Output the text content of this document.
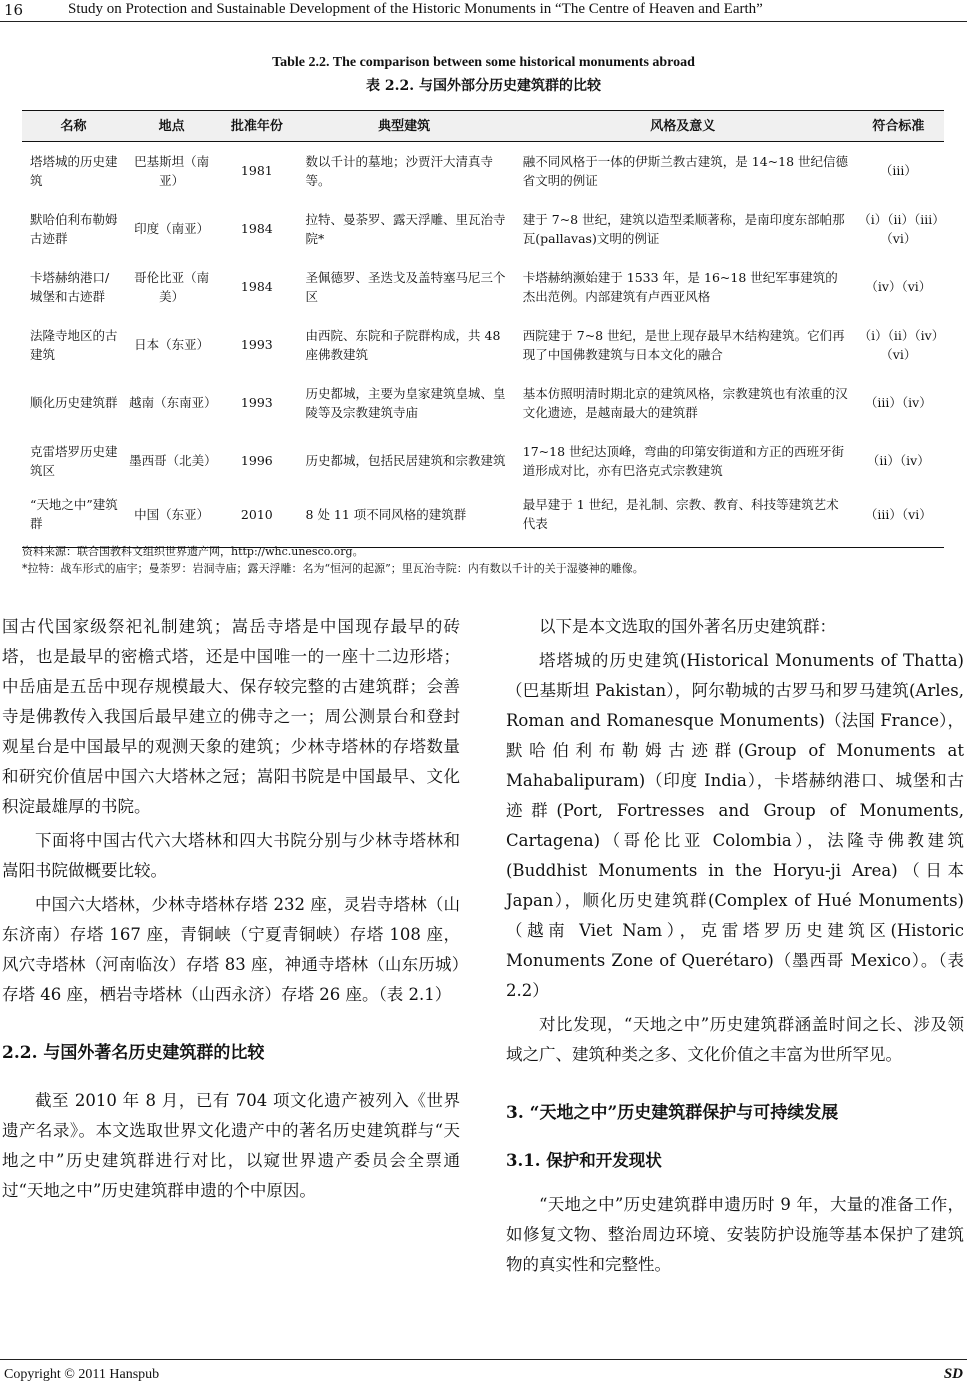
16	Study on Protection and Sustainable Development of the Historic Monuments in “The Centre of Heaven and Earth”
Table 2.2. The comparison between some historical monuments abroad
表 2.2. 与国外部分历史建筑群的比较
名称	地点	批准年份	典型建筑	风格及意义	符合标准
塔塔城的历史建筑	巴基斯坦（南亚）	1981	数以千计的墓地；沙贾汗大清真寺等。	融不同风格于一体的伊斯兰教古建筑，是 14~18 世纪信德省文明的例证	（iii）
默哈伯利布勒姆古迹群	印度（南亚）	1984	拉特、曼荼罗、露天浮雕、里瓦治寺院*	建于 7~8 世纪，建筑以造型柔顺著称，是南印度东部帕那瓦(pallavas)文明的例证	（i）（ii）（iii）（vi）
卡塔赫纳港口/城堡和古迹群	哥伦比亚（南美）	1984	圣佩德罗、圣迭戈及盖特塞马尼三个区	卡塔赫纳濒始建于 1533 年，是 16~18 世纪军事建筑的杰出范例。内部建筑有卢西亚风格	（iv）（vi）
法隆寺地区的古建筑	日本（东亚）	1993	由西院、东院和子院群构成，共 48 座佛教建筑	西院建于 7~8 世纪，是世上现存最早木结构建筑。它们再现了中国佛教建筑与日本文化的融合	（i）（ii）（iv）（vi）
顺化历史建筑群	越南（东南亚）	1993	历史都城，主要为皇家建筑皇城、皇陵等及宗教建筑寺庙	基本仿照明清时期北京的建筑风格，宗教建筑也有浓重的汉文化遗迹，是越南最大的建筑群	（iii）（iv）
克雷塔罗历史建筑区	墨西哥（北美）	1996	历史都城，包括民居建筑和宗教建筑	17~18 世纪达顶峰，弯曲的印第安街道和方正的西班牙街道形成对比，亦有巴洛克式宗教建筑	（ii）（iv）
“天地之中”建筑群	中国（东亚）	2010	8 处 11 项不同风格的建筑群	最早建于 1 世纪，是礼制、宗教、教育、科技等建筑艺术代表	（iii）（vi）
资料来源：联合国教科文组织世界遗产网，http://whc.unesco.org。
*拉特：战车形式的庙宇；曼荼罗：岩洞寺庙；露天浮雕：名为“恒河的起源”；里瓦治寺院：内有数以千计的关于湿婆神的雕像。

国古代国家级祭祀礼制建筑；嵩岳寺塔是中国现存最早的砖塔，也是最早的密檐式塔，还是中国唯一的一座十二边形塔；中岳庙是五岳中现存规模最大、保存较完整的古建筑群；会善寺是佛教传入我国后最早建立的佛寺之一；周公测景台和登封观星台是中国最早的观测天象的建筑；少林寺塔林的存塔数量和研究价值居中国六大塔林之冠；嵩阳书院是中国最早、文化积淀最雄厚的书院。

下面将中国古代六大塔林和四大书院分别与少林寺塔林和嵩阳书院做概要比较。

中国六大塔林，少林寺塔林存塔 232 座，灵岩寺塔林（山东济南）存塔 167 座，青铜峡（宁夏青铜峡）存塔 108 座，风穴寺塔林（河南临汝）存塔 83 座，神通寺塔林（山东历城）存塔 46 座，栖岩寺塔林（山西永济）存塔 26 座。（表 2.1）

2.2. 与国外著名历史建筑群的比较

截至 2010 年 8 月，已有 704 项文化遗产被列入《世界遗产名录》。本文选取世界文化遗产中的著名历史建筑群与“天地之中”历史建筑群进行对比，以窥世界遗产委员会全票通过“天地之中”历史建筑群申遗的个中原因。

以下是本文选取的国外著名历史建筑群：

塔塔城的历史建筑(Historical Monuments of Thatta)（巴基斯坦 Pakistan），阿尔勒城的古罗马和罗马建筑(Arles, Roman and Romanesque Monuments)（法国 France），默哈伯利布勒姆古迹群(Group of Monuments at Mahabalipuram)（印度 India），卡塔赫纳港口、城堡和古迹群(Port, Fortresses and Group of Monuments, Cartagena)（哥伦比亚 Colombia），法隆寺佛教建筑(Buddhist Monuments in the Horyu-ji Area)（日本 Japan），顺化历史建筑群(Complex of Hué Monuments)（越南 Viet Nam），克雷塔罗历史建筑区(Historic Monuments Zone of Querétaro)（墨西哥 Mexico）。（表 2.2）

对比发现，“天地之中”历史建筑群涵盖时间之长、涉及领域之广、建筑种类之多、文化价值之丰富为世所罕见。

3. “天地之中”历史建筑群保护与可持续发展
3.1. 保护和开发现状

“天地之中”历史建筑群申遗历时 9 年，大量的准备工作，如修复文物、整治周边环境、安装防护设施等基本保护了建筑物的真实性和完整性。

Copyright © 2011 Hanspub	SD
